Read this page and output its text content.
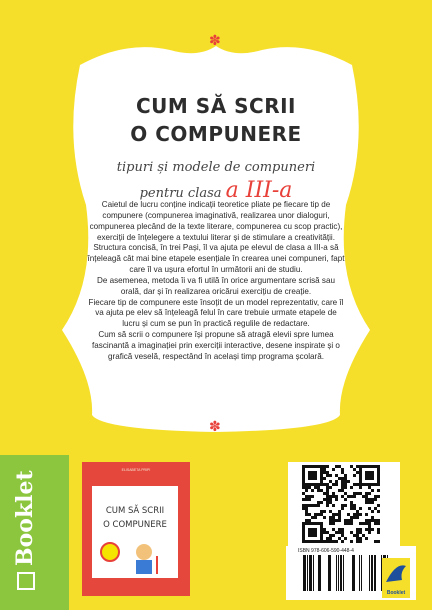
✽
✽
CUM SĂ SCRII
O COMPUNERE
tipuri și modele de compuneri
pentru clasa a III-a

Caietul de lucru conține indicații teoretice pliate pe fiecare tip de compunere (compunerea imaginativă, realizarea unor dialoguri, compunerea plecând de la texte literare, compunerea cu scop practic), exerciții de înțelegere a textului literar și de stimulare a creativității.

Structura concisă, în trei Pași, îl va ajuta pe elevul de clasa a III-a să înțeleagă cât mai bine etapele esențiale în crearea unei compuneri, fapt care îl va ușura efortul în următorii ani de studiu.

De asemenea, metoda îi va fi utilă în orice argumentare scrisă sau orală, dar și în realizarea oricărui exercițiu de creație.

Fiecare tip de compunere este însoțit de un model reprezentativ, care îl va ajuta pe elev să înțeleagă felul în care trebuie urmate etapele de lucru și cum se pun în practică regulile de redactare.

Cum să scrii o compunere își propune să atragă elevii spre lumea fascinantă a imaginației prin exerciții interactive, desene inspirate și o grafică veselă, respectând în același timp programa școlară.

Booklet
ELISABETA PRIPI
CUM SĂ SCRII
O COMPUNERE
ISBN 978-606-590-448-4
Booklet
